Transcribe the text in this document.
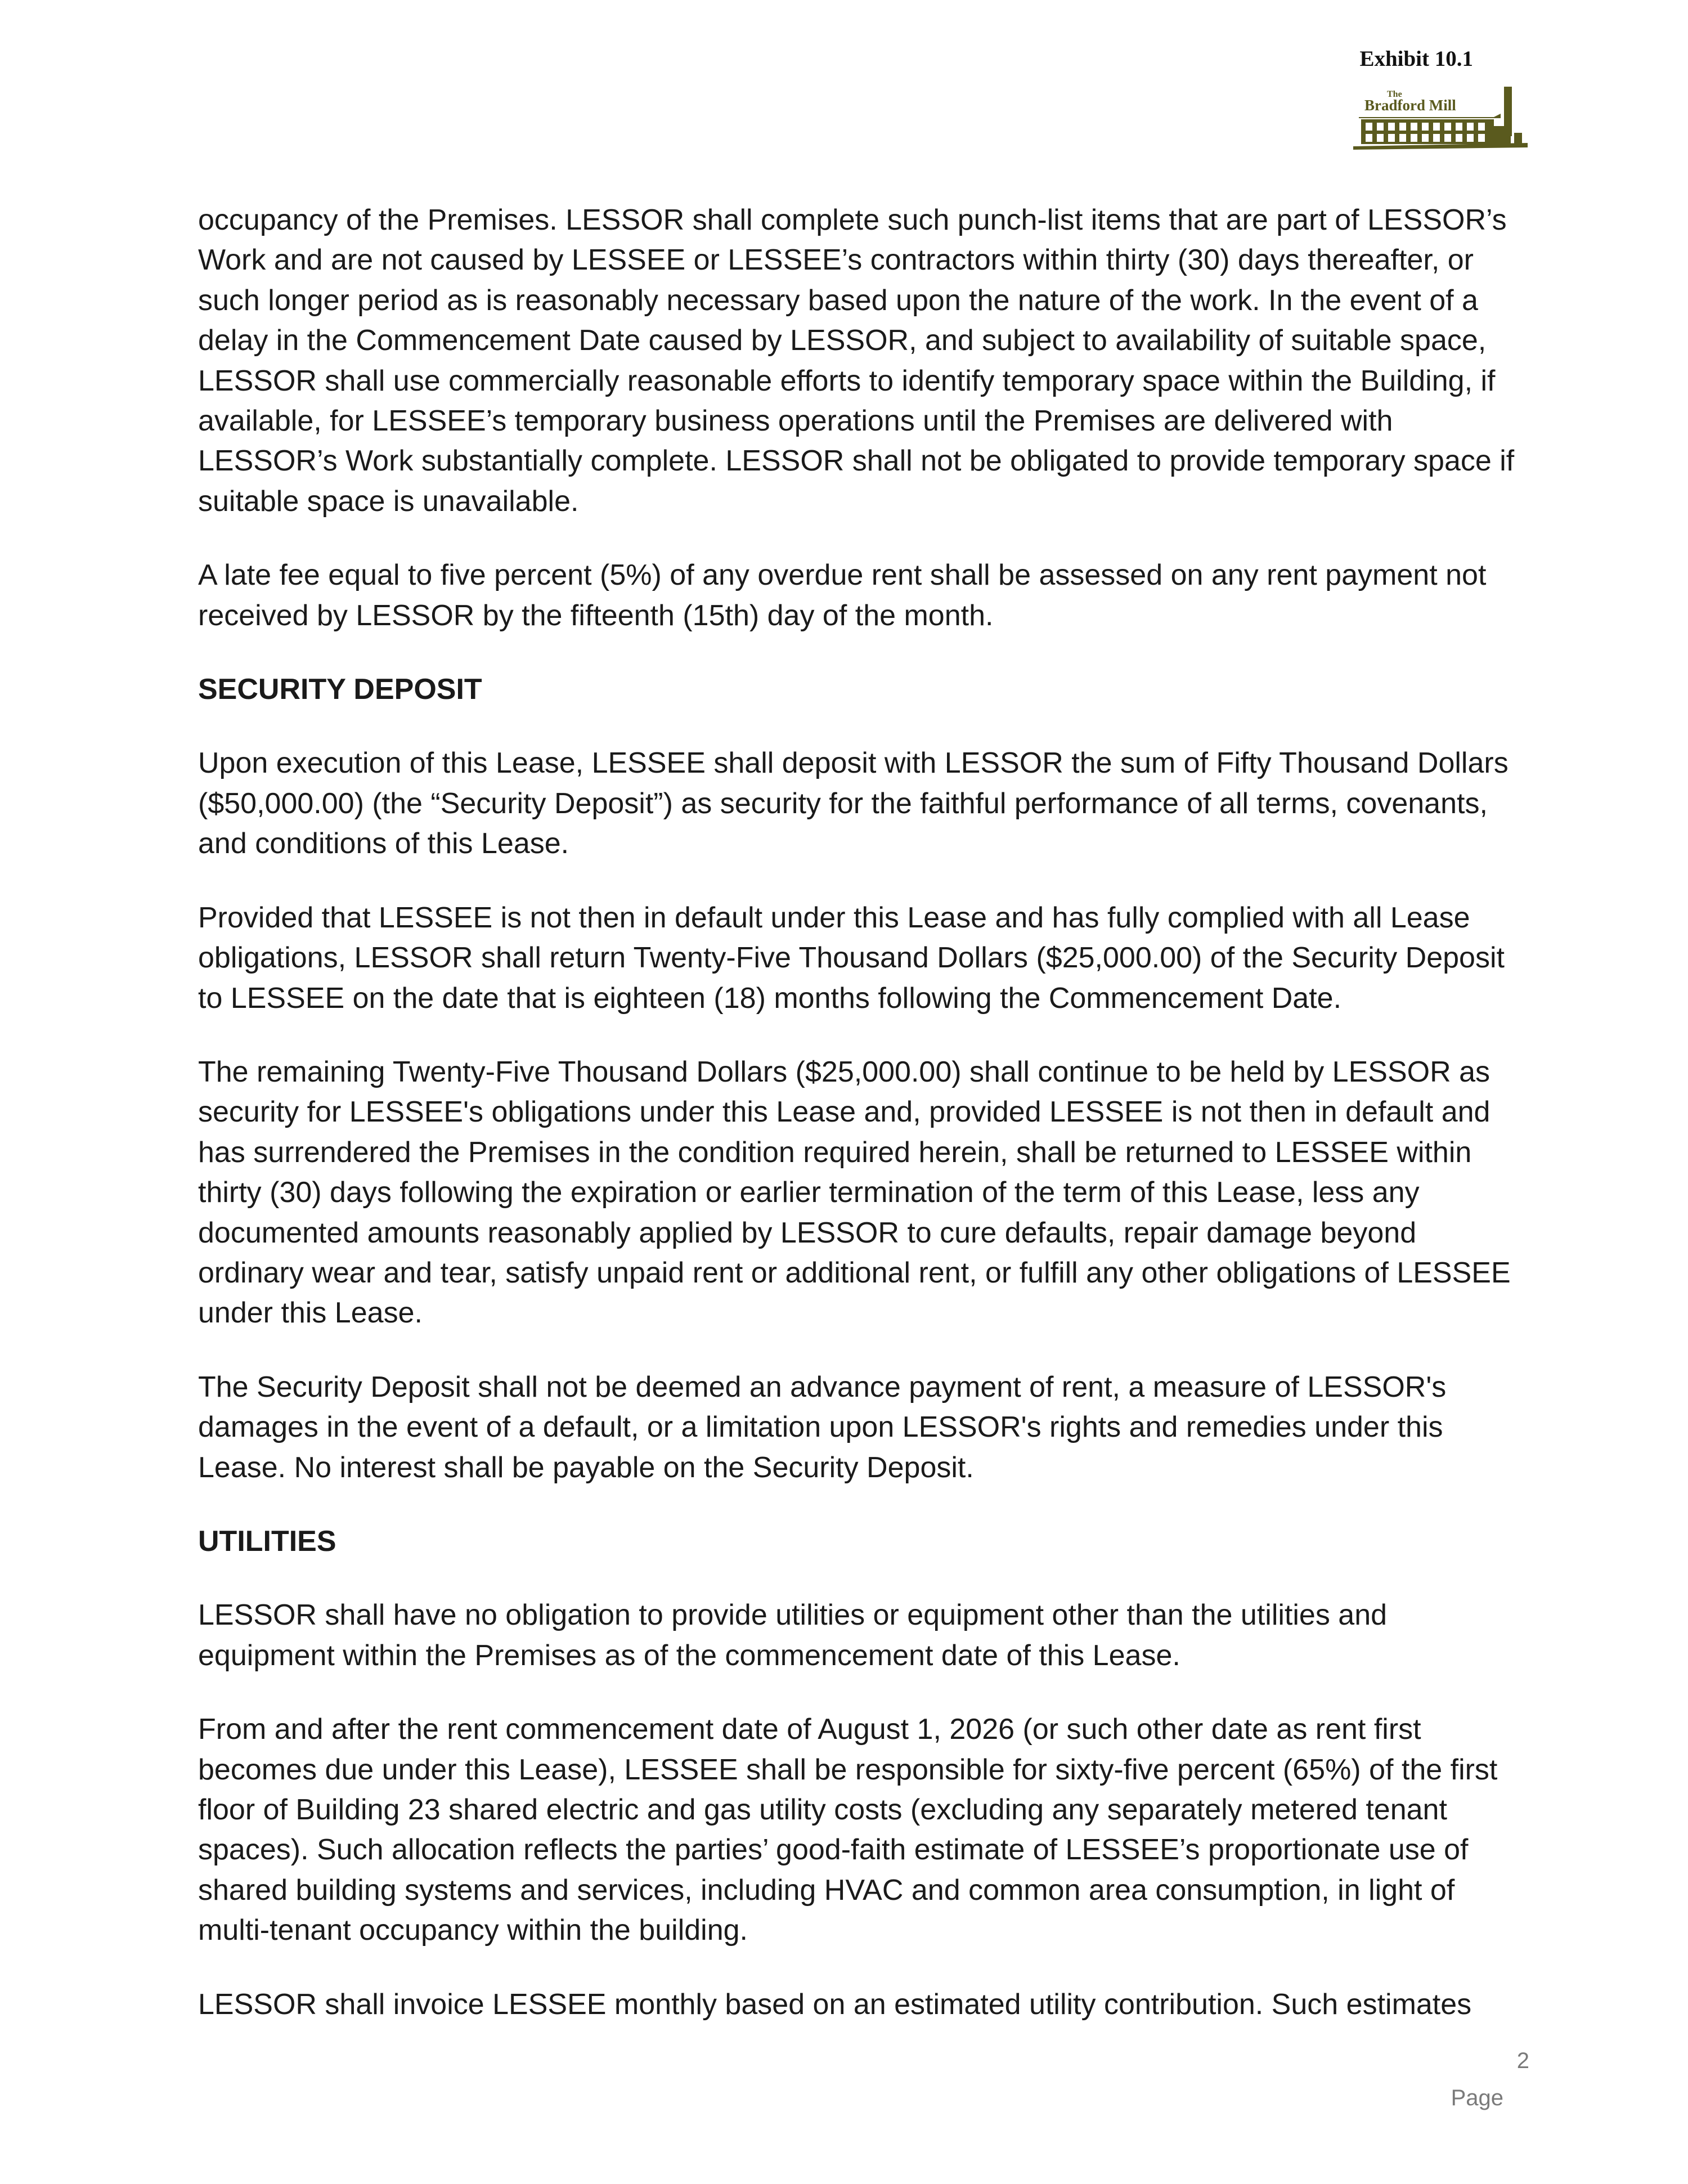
Exhibit 10.1
The
Bradford Mill

occupancy of the Premises. LESSOR shall complete such punch-list items that are part of LESSOR’s Work and are not caused by LESSEE or LESSEE’s contractors within thirty (30) days thereafter, or such longer period as is reasonably necessary based upon the nature of the work. In the event of a delay in the Commencement Date caused by LESSOR, and subject to availability of suitable space, LESSOR shall use commercially reasonable efforts to identify temporary space within the Building, if available, for LESSEE’s temporary business operations until the Premises are delivered with LESSOR’s Work substantially complete. LESSOR shall not be obligated to provide temporary space if suitable space is unavailable.

A late fee equal to five percent (5%) of any overdue rent shall be assessed on any rent payment not received by LESSOR by the fifteenth (15th) day of the month.

SECURITY DEPOSIT

Upon execution of this Lease, LESSEE shall deposit with LESSOR the sum of Fifty Thousand Dollars ($50,000.00) (the “Security Deposit”) as security for the faithful performance of all terms, covenants, and conditions of this Lease.

Provided that LESSEE is not then in default under this Lease and has fully complied with all Lease obligations, LESSOR shall return Twenty-Five Thousand Dollars ($25,000.00) of the Security Deposit to LESSEE on the date that is eighteen (18) months following the Commencement Date.

The remaining Twenty-Five Thousand Dollars ($25,000.00) shall continue to be held by LESSOR as security for LESSEE's obligations under this Lease and, provided LESSEE is not then in default and has surrendered the Premises in the condition required herein, shall be returned to LESSEE within thirty (30) days following the expiration or earlier termination of the term of this Lease, less any documented amounts reasonably applied by LESSOR to cure defaults, repair damage beyond ordinary wear and tear, satisfy unpaid rent or additional rent, or fulfill any other obligations of LESSEE under this Lease.

The Security Deposit shall not be deemed an advance payment of rent, a measure of LESSOR's damages in the event of a default, or a limitation upon LESSOR's rights and remedies under this Lease. No interest shall be payable on the Security Deposit.

UTILITIES

LESSOR shall have no obligation to provide utilities or equipment other than the utilities and equipment within the Premises as of the commencement date of this Lease.

From and after the rent commencement date of August 1, 2026 (or such other date as rent first becomes due under this Lease), LESSEE shall be responsible for sixty-five percent (65%) of the first floor of Building 23 shared electric and gas utility costs (excluding any separately metered tenant spaces). Such allocation reflects the parties’ good-faith estimate of LESSEE’s proportionate use of shared building systems and services, including HVAC and common area consumption, in light of multi-tenant occupancy within the building.

LESSOR shall invoice LESSEE monthly based on an estimated utility contribution. Such estimates

2
Page
